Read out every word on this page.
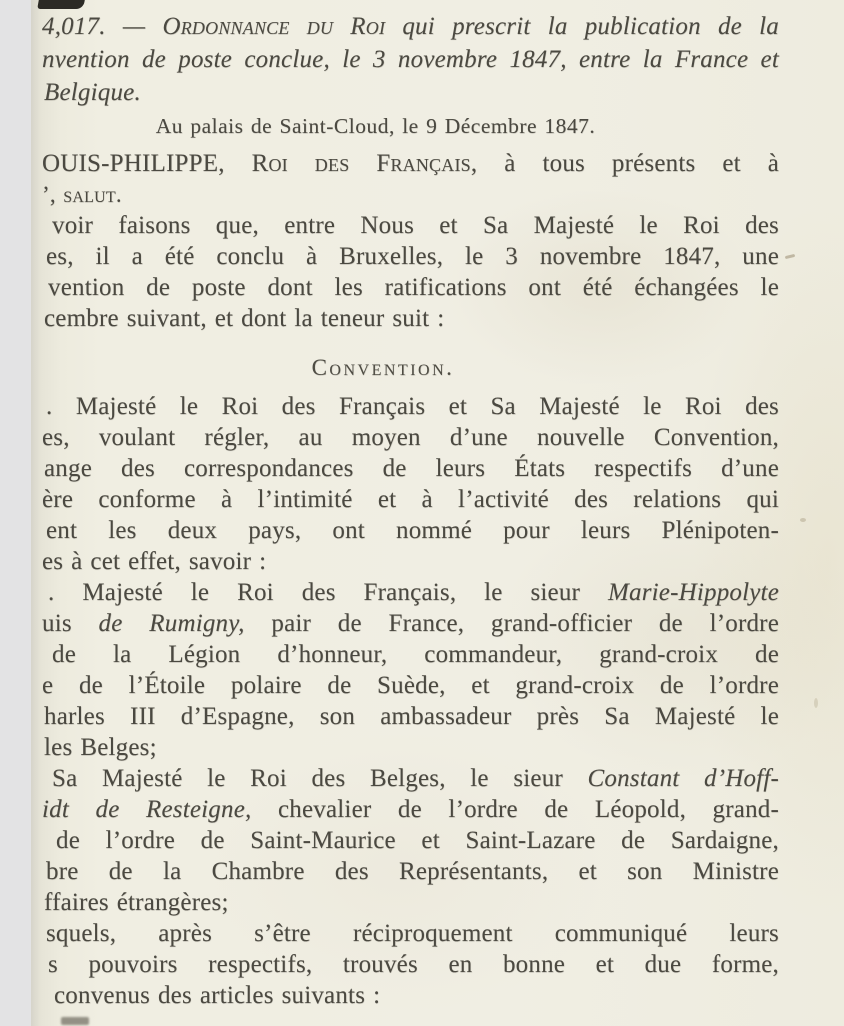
4,017. — Ordonnance du Roi qui prescrit la publication de la
nvention de poste conclue, le 3 novembre 1847, entre la France et
Belgique.
Au palais de Saint-Cloud, le 9 Décembre 1847.
OUIS-PHILIPPE, Roi des Français, à tous présents et à
’, salut.
voir faisons que, entre Nous et Sa Majesté le Roi des
es, il a été conclu à Bruxelles, le 3 novembre 1847, une
vention de poste dont les ratifications ont été échangées le
cembre suivant, et dont la teneur suit :
Convention.
. Majesté le Roi des Français et Sa Majesté le Roi des
es, voulant régler, au moyen d’une nouvelle Convention,
ange des correspondances de leurs États respectifs d’une
ère conforme à l’intimité et à l’activité des relations qui
ent les deux pays, ont nommé pour leurs Plénipoten-
es à cet effet, savoir :
. Majesté le Roi des Français, le sieur Marie-Hippolyte
uis de Rumigny, pair de France, grand-officier de l’ordre
de la Légion d’honneur, commandeur, grand-croix de
e de l’Étoile polaire de Suède, et grand-croix de l’ordre
harles III d’Espagne, son ambassadeur près Sa Majesté le
les Belges;
Sa Majesté le Roi des Belges, le sieur Constant d’Hoff-
idt de Resteigne, chevalier de l’ordre de Léopold, grand-
de l’ordre de Saint-Maurice et Saint-Lazare de Sardaigne,
bre de la Chambre des Représentants, et son Ministre
ffaires étrangères;
squels, après s’être réciproquement communiqué leurs
s pouvoirs respectifs, trouvés en bonne et due forme,
convenus des articles suivants :
